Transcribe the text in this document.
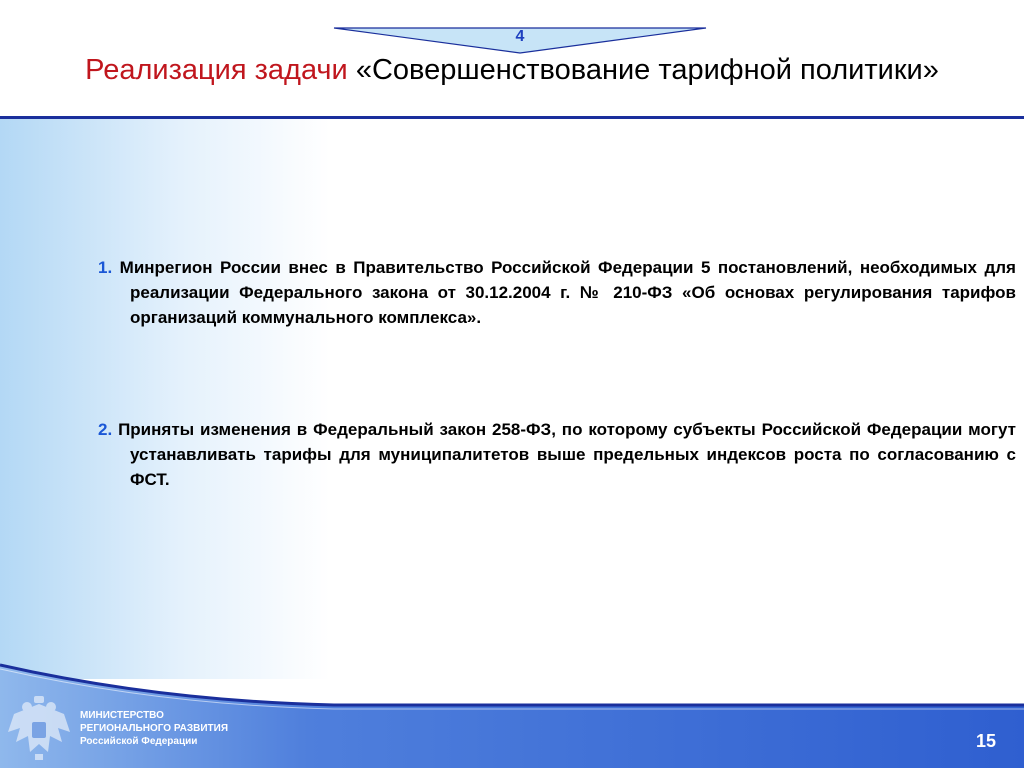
4
Реализация задачи «Совершенствование тарифной политики»
1. Минрегион России внес в Правительство Российской Федерации 5 постановлений, необходимых для реализации Федерального закона от 30.12.2004 г. № 210-ФЗ «Об основах регулирования тарифов организаций коммунального комплекса».
2. Приняты изменения в Федеральный закон 258-ФЗ, по которому субъекты Российской Федерации могут устанавливать тарифы для муниципалитетов выше предельных индексов роста по согласованию с ФСТ.
МИНИСТЕРСТВО
РЕГИОНАЛЬНОГО РАЗВИТИЯ
Российской Федерации	15
